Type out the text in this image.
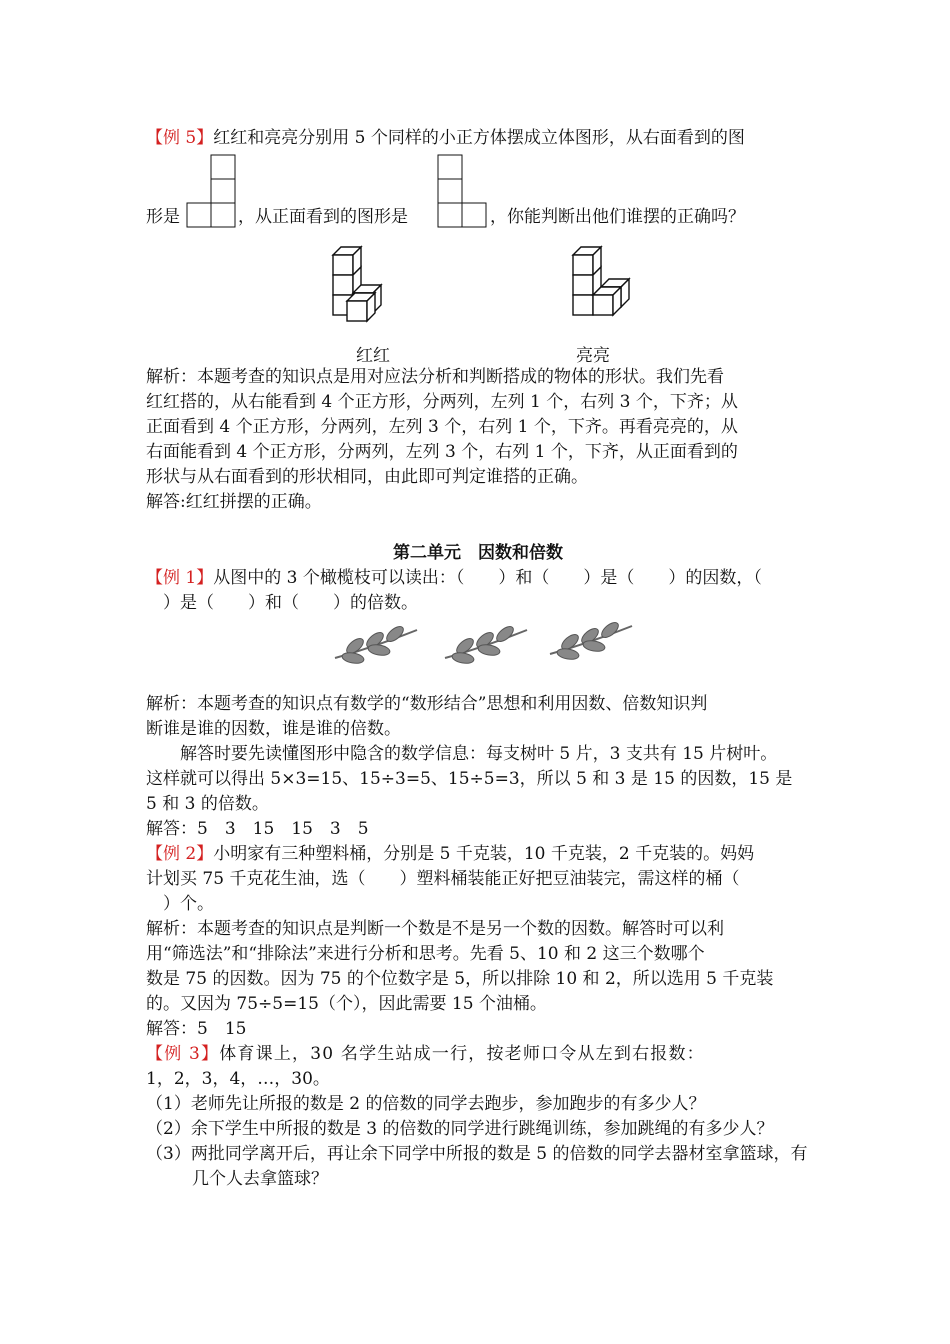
【例 5】红红和亮亮分别用 5 个同样的小正方体摆成立体图形，从右面看到的图
形是	，从正面看到的图形是	，你能判断出他们谁摆的正确吗？
红红	亮亮
解析：本题考查的知识点是用对应法分析和判断搭成的物体的形状。我们先看
红红搭的，从右能看到 4 个正方形，分两列，左列 1 个，右列 3 个，下齐；从
正面看到 4 个正方形，分两列，左列 3 个，右列 1 个，下齐。再看亮亮的，从
右面能看到 4 个正方形，分两列，左列 3 个，右列 1 个，下齐，从正面看到的
形状与从右面看到的形状相同，由此即可判定谁搭的正确。
解答:红红拼摆的正确。
第二单元　因数和倍数
【例 1】从图中的 3 个橄榄枝可以读出：（　　）和（　　）是（　　）的因数，（
　）是（　　）和（　　）的倍数。
解析：本题考查的知识点有数学的“数形结合”思想和利用因数、倍数知识判
断谁是谁的因数，谁是谁的倍数。
解答时要先读懂图形中隐含的数学信息：每支树叶 5 片，3 支共有 15 片树叶。
这样就可以得出 5×3=15、15÷3=5、15÷5=3，所以 5 和 3 是 15 的因数，15 是
5 和 3 的倍数。
解答：5　3　15　15　3　5
【例 2】小明家有三种塑料桶，分别是 5 千克装，10 千克装，2 千克装的。妈妈
计划买 75 千克花生油，选（　　）塑料桶装能正好把豆油装完，需这样的桶（
　）个。
解析：本题考查的知识点是判断一个数是不是另一个数的因数。解答时可以利
用“筛选法”和“排除法”来进行分析和思考。先看 5、10 和 2 这三个数哪个
数是 75 的因数。因为 75 的个位数字是 5，所以排除 10 和 2，所以选用 5 千克装
的。又因为 75÷5=15（个），因此需要 15 个油桶。
解答：5　15
【例 3】体育课上，30 名学生站成一行，按老师口令从左到右报数：
1，2，3，4，…，30。
（1）老师先让所报的数是 2 的倍数的同学去跑步，参加跑步的有多少人？
（2）余下学生中所报的数是 3 的倍数的同学进行跳绳训练，参加跳绳的有多少人？
（3）两批同学离开后，再让余下同学中所报的数是 5 的倍数的同学去器材室拿篮球，有几个人去拿篮球？
